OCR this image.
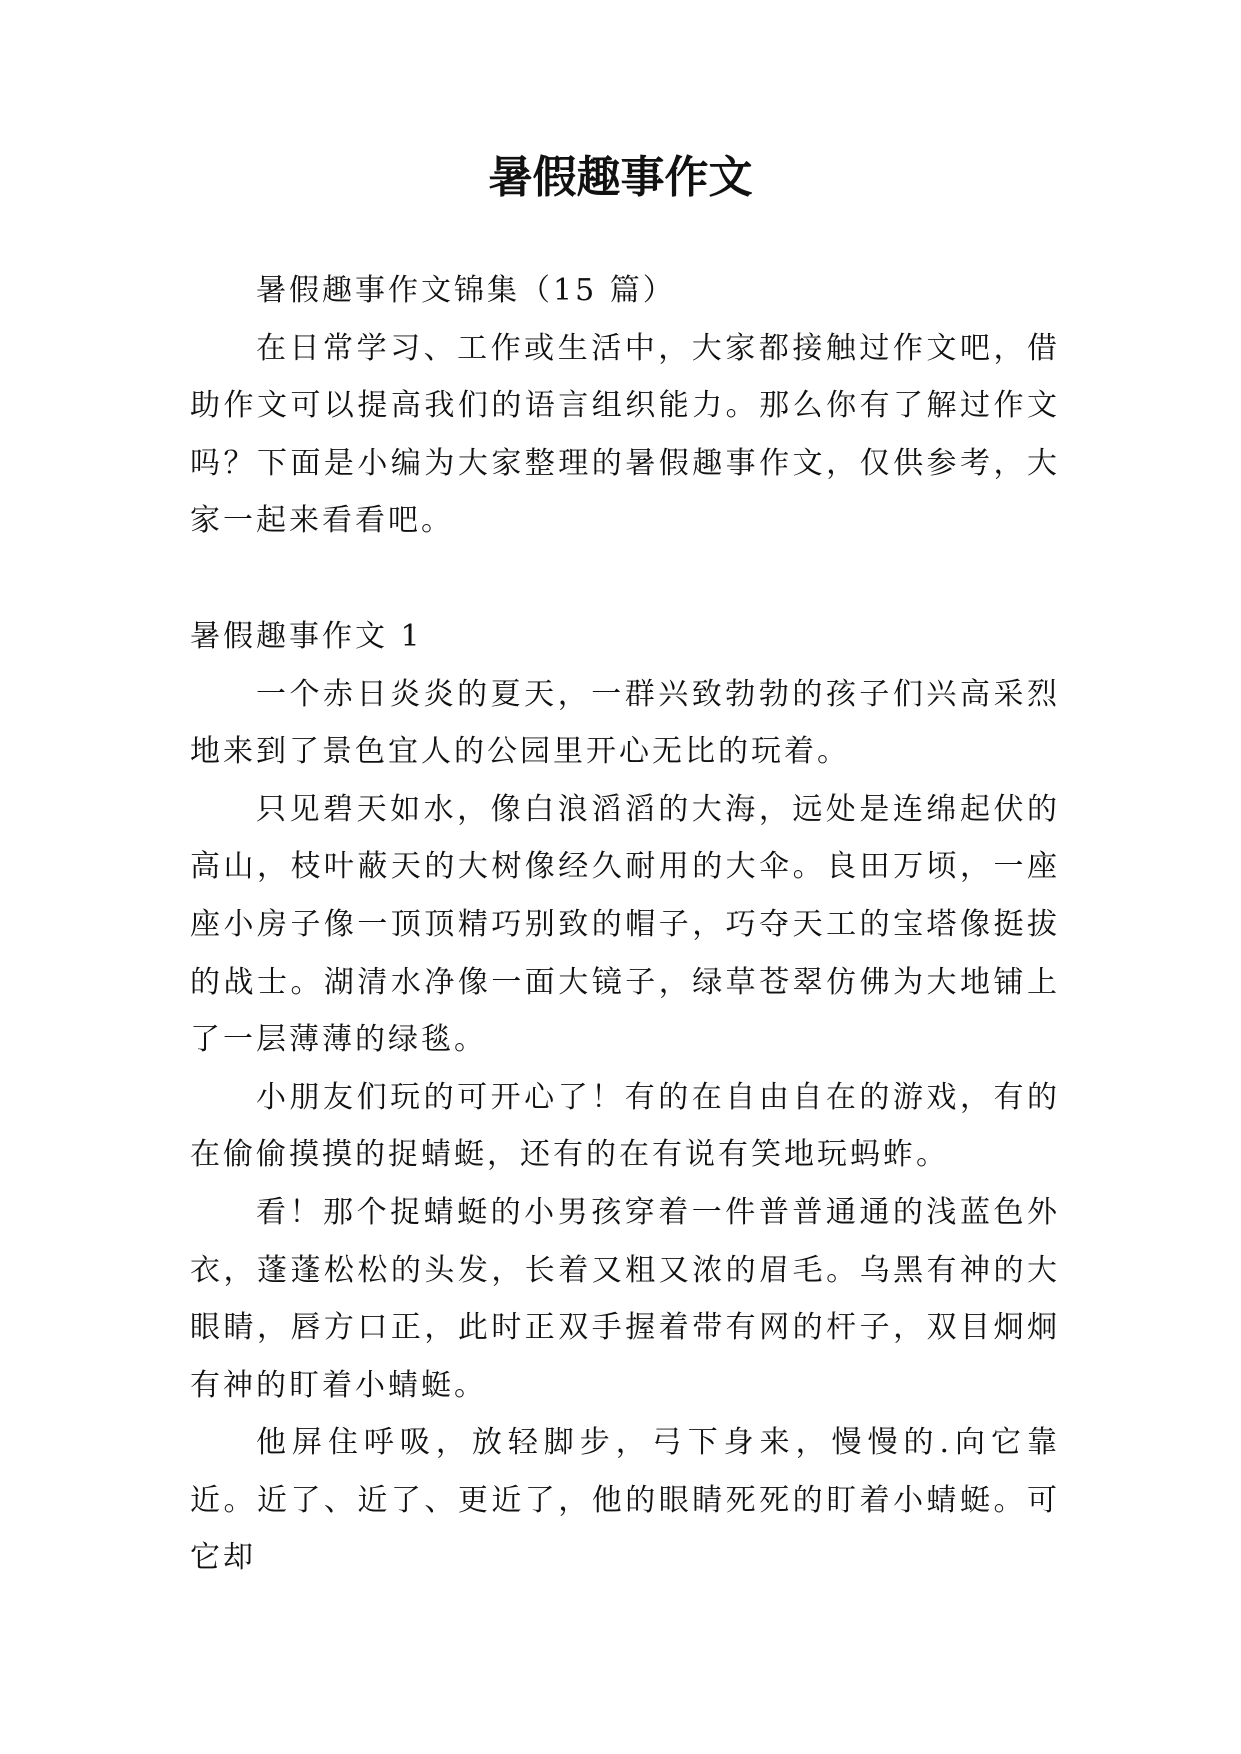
暑假趣事作文

暑假趣事作文锦集（15 篇）

在日常学习、工作或生活中，大家都接触过作文吧，借助作文可以提高我们的语言组织能力。那么你有了解过作文吗？下面是小编为大家整理的暑假趣事作文，仅供参考，大家一起来看看吧。

暑假趣事作文 1

一个赤日炎炎的夏天，一群兴致勃勃的孩子们兴高采烈地来到了景色宜人的公园里开心无比的玩着。

只见碧天如水，像白浪滔滔的大海，远处是连绵起伏的高山，枝叶蔽天的大树像经久耐用的大伞。良田万顷，一座座小房子像一顶顶精巧别致的帽子，巧夺天工的宝塔像挺拔的战士。湖清水净像一面大镜子，绿草苍翠仿佛为大地铺上了一层薄薄的绿毯。

小朋友们玩的可开心了！有的在自由自在的游戏，有的在偷偷摸摸的捉蜻蜓，还有的在有说有笑地玩蚂蚱。

看！那个捉蜻蜓的小男孩穿着一件普普通通的浅蓝色外衣，蓬蓬松松的头发，长着又粗又浓的眉毛。乌黑有神的大眼睛，唇方口正，此时正双手握着带有网的杆子，双目炯炯有神的盯着小蜻蜓。

他屏住呼吸，放轻脚步，弓下身来，慢慢的.向它靠近。近了、近了、更近了，他的眼睛死死的盯着小蜻蜓。可它却
